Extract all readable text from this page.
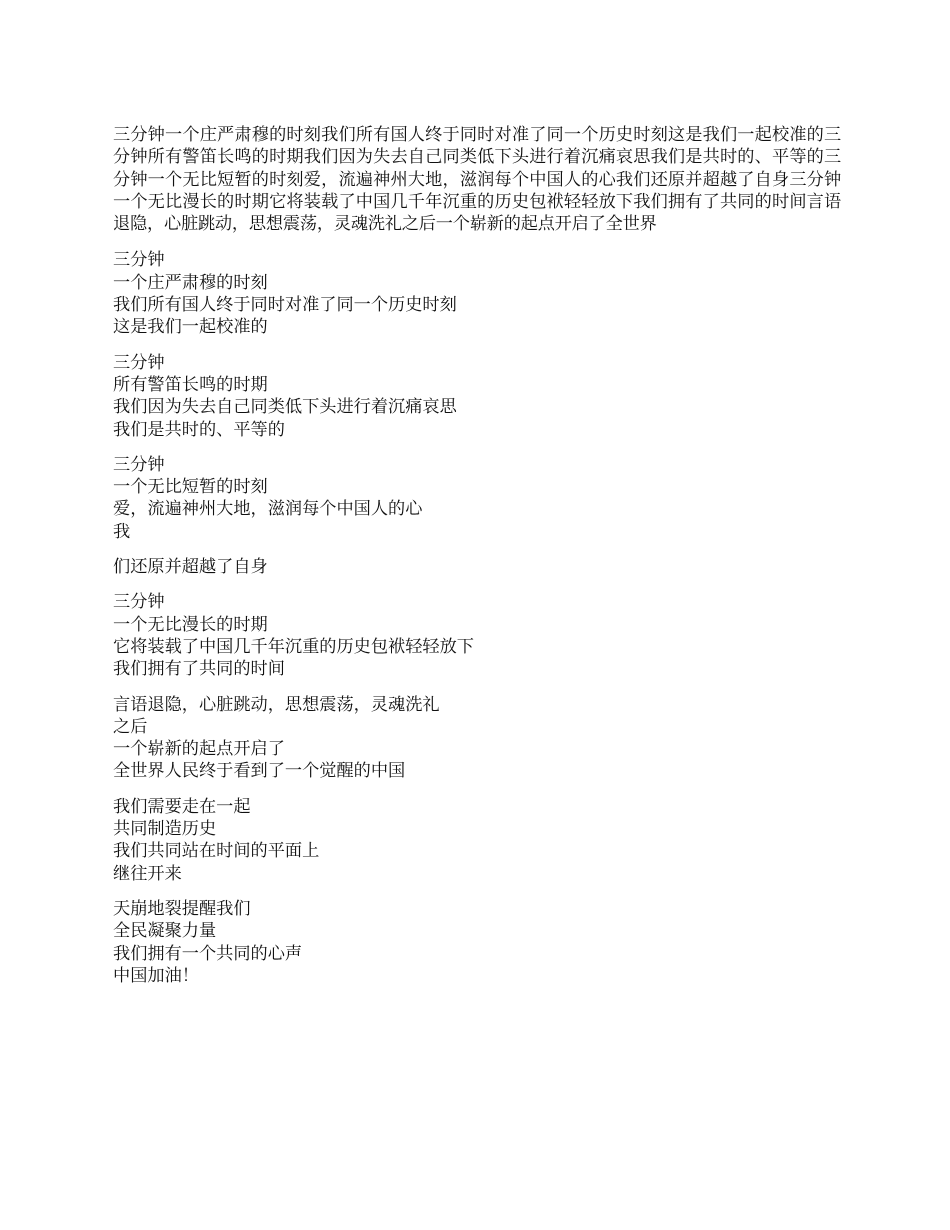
三分钟一个庄严肃穆的时刻我们所有国人终于同时对准了同一个历史时刻这是我们一起校准的三分钟所有警笛长鸣的时期我们因为失去自己同类低下头进行着沉痛哀思我们是共时的、平等的三分钟一个无比短暂的时刻爱，流遍神州大地，滋润每个中国人的心我们还原并超越了自身三分钟一个无比漫长的时期它将装载了中国几千年沉重的历史包袱轻轻放下我们拥有了共同的时间言语退隐，心脏跳动，思想震荡，灵魂洗礼之后一个崭新的起点开启了全世界

三分钟
一个庄严肃穆的时刻
我们所有国人终于同时对准了同一个历史时刻
这是我们一起校准的
三分钟
所有警笛长鸣的时期
我们因为失去自己同类低下头进行着沉痛哀思
我们是共时的、平等的
三分钟
一个无比短暂的时刻
爱，流遍神州大地，滋润每个中国人的心
我
们还原并超越了自身
三分钟
一个无比漫长的时期
它将装载了中国几千年沉重的历史包袱轻轻放下
我们拥有了共同的时间
言语退隐，心脏跳动，思想震荡，灵魂洗礼
之后
一个崭新的起点开启了
全世界人民终于看到了一个觉醒的中国
我们需要走在一起
共同制造历史
我们共同站在时间的平面上
继往开来
天崩地裂提醒我们
全民凝聚力量
我们拥有一个共同的心声
中国加油！
